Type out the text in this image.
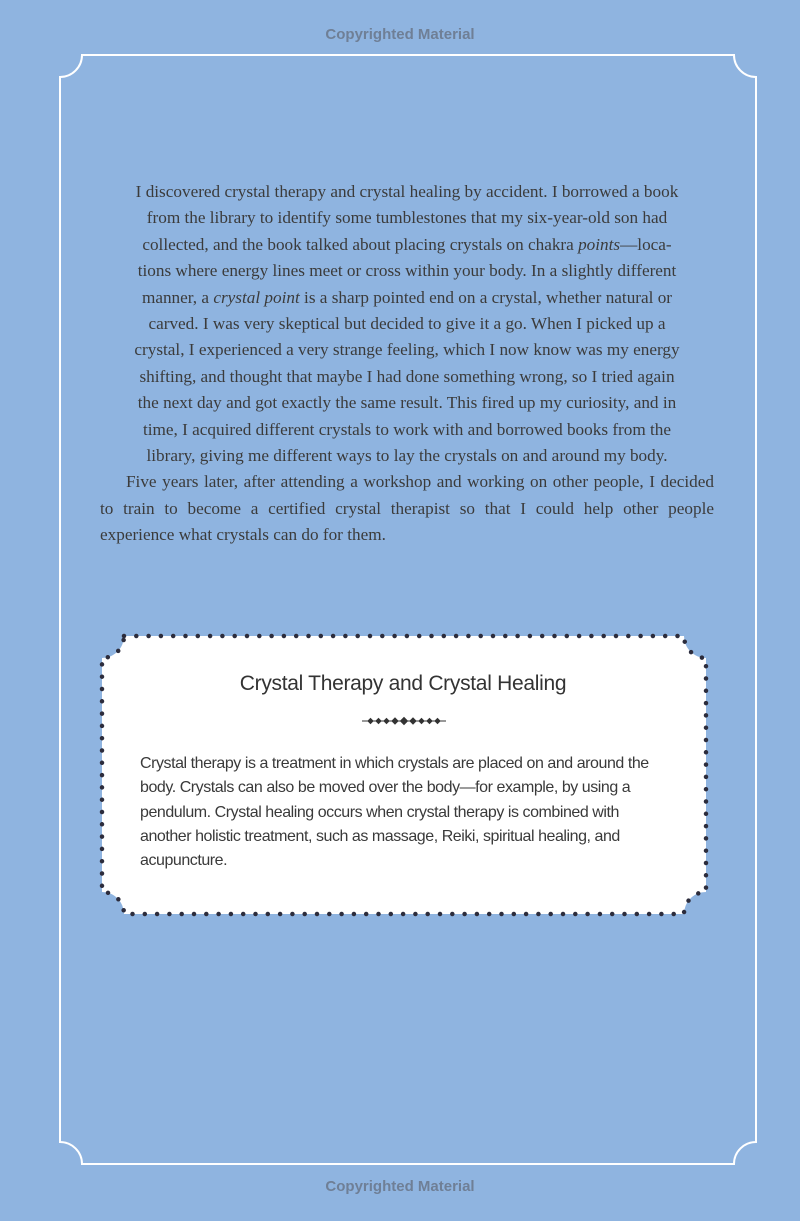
Copyrighted Material

I discovered crystal therapy and crystal healing by accident. I borrowed a book
from the library to identify some tumblestones that my six-year-old son had
collected, and the book talked about placing crystals on chakra points—loca-
tions where energy lines meet or cross within your body. In a slightly different
manner, a crystal point is a sharp pointed end on a crystal, whether natural or
carved. I was very skeptical but decided to give it a go. When I picked up a
crystal, I experienced a very strange feeling, which I now know was my energy
shifting, and thought that maybe I had done something wrong, so I tried again
the next day and got exactly the same result. This fired up my curiosity, and in
time, I acquired different crystals to work with and borrowed books from the
library, giving me different ways to lay the crystals on and around my body.

Five years later, after attending a workshop and working on other people, I decided to train to become a certified crystal therapist so that I could help other people experience what crystals can do for them.

Crystal Therapy and Crystal Healing
Crystal therapy is a treatment in which crystals are placed on and around the body. Crystals can also be moved over the body—for example, by using a pendulum. Crystal healing occurs when crystal therapy is combined with another holistic treatment, such as massage, Reiki, spiritual healing, and acupuncture.
Copyrighted Material
